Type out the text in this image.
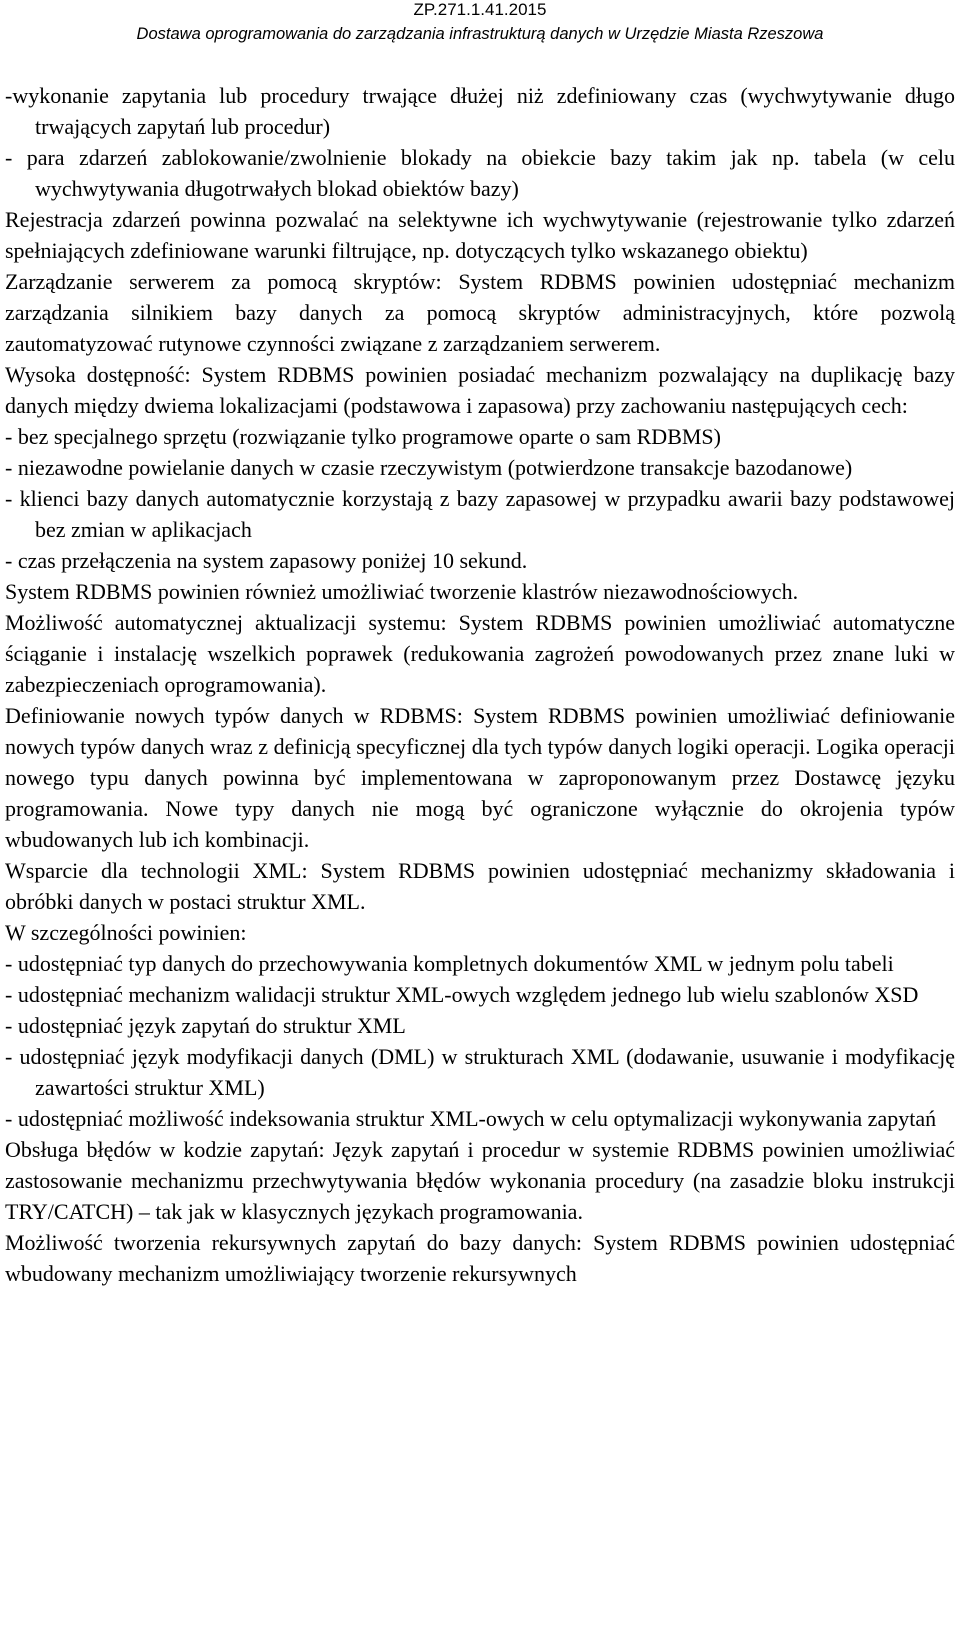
ZP.271.1.41.2015
Dostawa oprogramowania do zarządzania infrastrukturą danych w Urzędzie Miasta Rzeszowa

-wykonanie zapytania lub procedury trwające dłużej niż zdefiniowany czas (wychwytywanie długo trwających zapytań lub procedur)

- para zdarzeń zablokowanie/zwolnienie blokady na obiekcie bazy takim jak np. tabela (w celu wychwytywania długotrwałych blokad obiektów bazy)

Rejestracja zdarzeń powinna pozwalać na selektywne ich wychwytywanie (rejestrowanie tylko zdarzeń spełniających zdefiniowane warunki filtrujące, np. dotyczących tylko wskazanego obiektu)

Zarządzanie serwerem za pomocą skryptów: System RDBMS powinien udostępniać mechanizm zarządzania silnikiem bazy danych za pomocą skryptów administracyjnych, które pozwolą zautomatyzować rutynowe czynności związane z zarządzaniem serwerem.

Wysoka dostępność: System RDBMS powinien posiadać mechanizm pozwalający na duplikację bazy danych między dwiema lokalizacjami (podstawowa i zapasowa) przy zachowaniu następujących cech:

- bez specjalnego sprzętu (rozwiązanie tylko programowe oparte o sam RDBMS)

- niezawodne powielanie danych w czasie rzeczywistym (potwierdzone transakcje bazodanowe)

- klienci bazy danych automatycznie korzystają z bazy zapasowej w przypadku awarii bazy podstawowej bez zmian w aplikacjach

- czas przełączenia na system zapasowy poniżej 10 sekund.

System RDBMS powinien również umożliwiać tworzenie klastrów niezawodnościowych.

Możliwość automatycznej aktualizacji systemu: System RDBMS powinien umożliwiać automatyczne ściąganie i instalację wszelkich poprawek (redukowania zagrożeń powodowanych przez znane luki w zabezpieczeniach oprogramowania).

Definiowanie nowych typów danych w RDBMS: System RDBMS powinien umożliwiać definiowanie nowych typów danych wraz z definicją specyficznej dla tych typów danych logiki operacji. Logika operacji nowego typu danych powinna być implementowana w zaproponowanym przez Dostawcę języku programowania. Nowe typy danych nie mogą być ograniczone wyłącznie do okrojenia typów wbudowanych lub ich kombinacji.

Wsparcie dla technologii XML: System RDBMS powinien udostępniać mechanizmy składowania i obróbki danych w postaci struktur XML.

W szczególności powinien:

- udostępniać typ danych do przechowywania kompletnych dokumentów XML w jednym polu tabeli

- udostępniać mechanizm walidacji struktur XML-owych względem jednego lub wielu szablonów XSD

- udostępniać język zapytań do struktur XML

- udostępniać język modyfikacji danych (DML) w strukturach XML (dodawanie, usuwanie i modyfikację zawartości struktur XML)

- udostępniać możliwość indeksowania struktur XML-owych w celu optymalizacji wykonywania zapytań

Obsługa błędów w kodzie zapytań: Język zapytań i procedur w systemie RDBMS powinien umożliwiać zastosowanie mechanizmu przechwytywania błędów wykonania procedury (na zasadzie bloku instrukcji TRY/CATCH) – tak jak w klasycznych językach programowania.

Możliwość tworzenia rekursywnych zapytań do bazy danych: System RDBMS powinien udostępniać wbudowany mechanizm umożliwiający tworzenie rekursywnych
